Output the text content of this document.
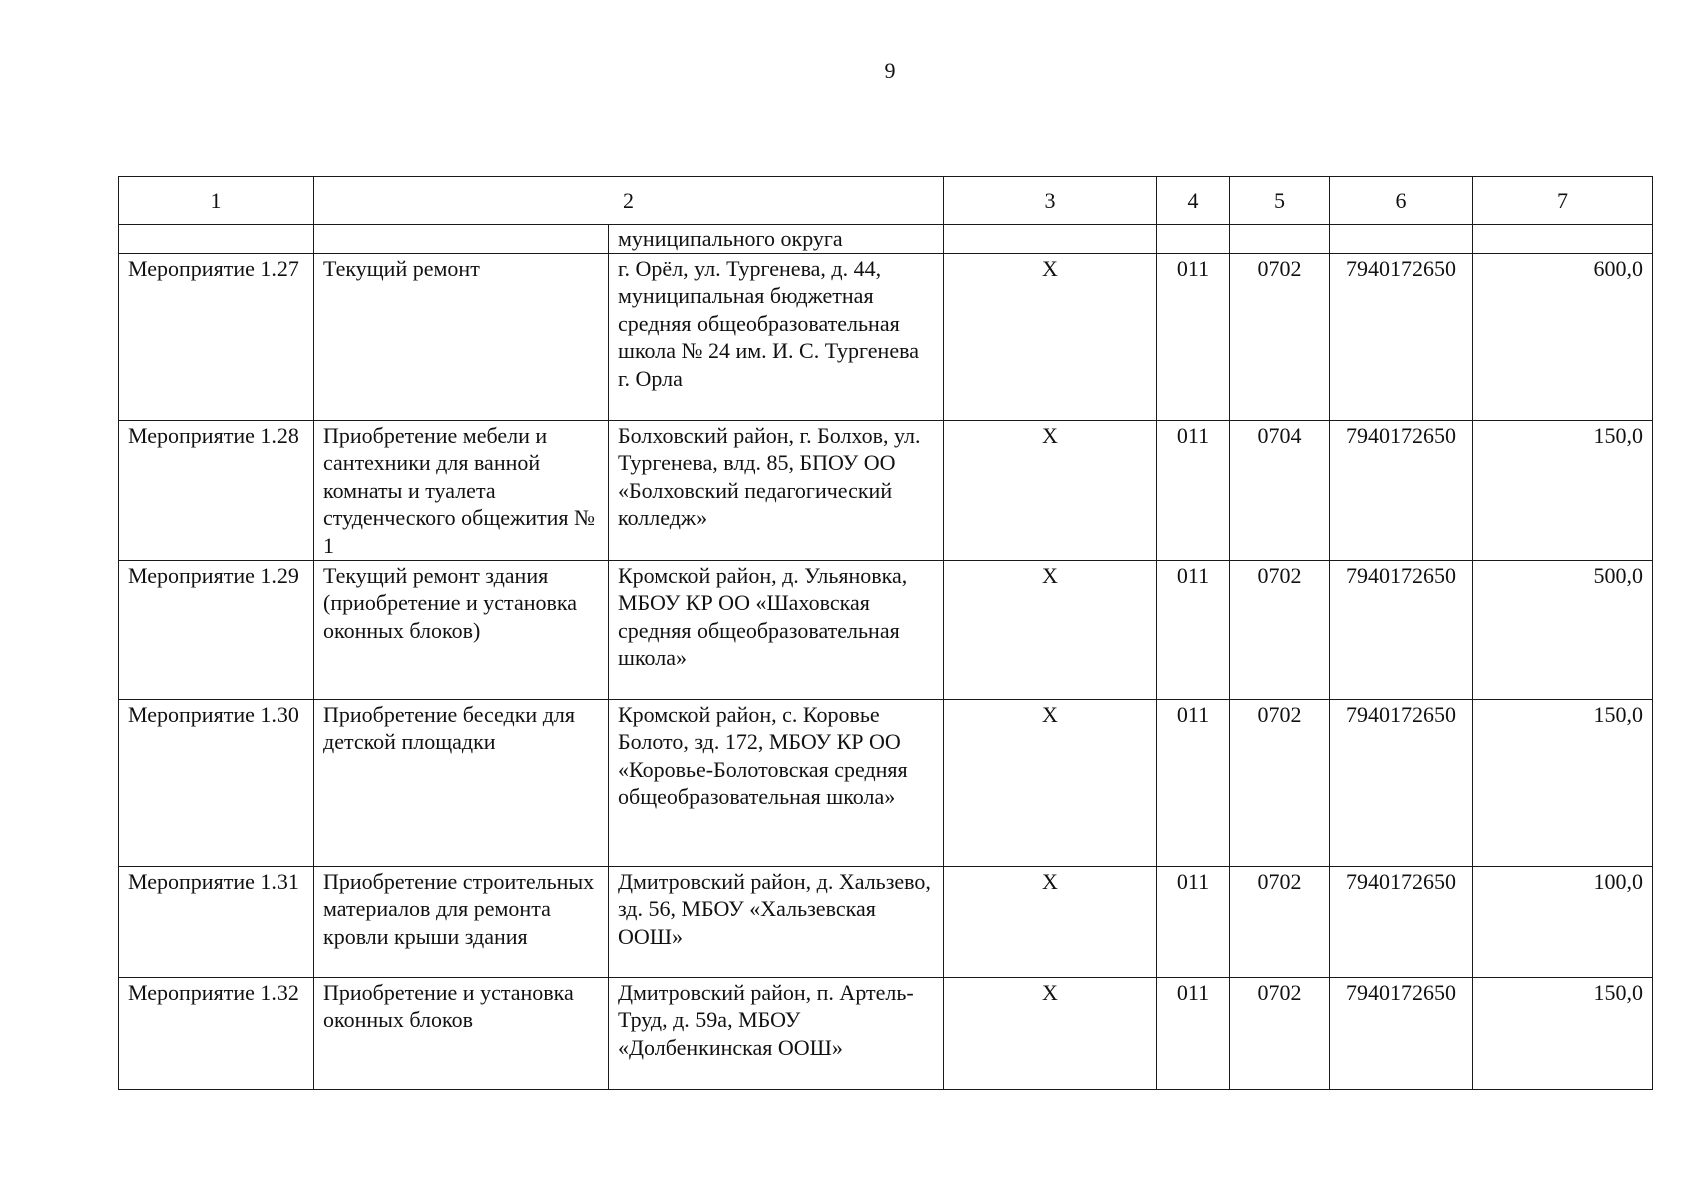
9
1	2		3	4	5	6	7
		муниципального округа					
Мероприятие 1.27	Текущий ремонт	г. Орёл, ул. Тургенева, д. 44, муниципальная бюджетная средняя общеобразовательная школа № 24 им. И. С. Тургенева г. Орла	X	011	0702	7940172650	600,0
Мероприятие 1.28	Приобретение мебели и сантехники для ванной комнаты и туалета студенческого общежития № 1	Болховский район, г. Болхов, ул. Тургенева, влд. 85, БПОУ ОО «Болховский педагогический колледж»	X	011	0704	7940172650	150,0
Мероприятие 1.29	Текущий ремонт здания (приобретение и установка оконных блоков)	Кромской район, д. Ульяновка, МБОУ КР ОО «Шаховская средняя общеобразовательная школа»	X	011	0702	7940172650	500,0
Мероприятие 1.30	Приобретение беседки для детской площадки	Кромской район, с. Коровье Болото, зд. 172, МБОУ КР ОО «Коровье-Болотовская средняя общеобразовательная школа»	X	011	0702	7940172650	150,0
Мероприятие 1.31	Приобретение строительных материалов для ремонта кровли крыши здания	Дмитровский район, д. Хальзево, зд. 56, МБОУ «Хальзевская ООШ»	X	011	0702	7940172650	100,0
Мероприятие 1.32	Приобретение и установка оконных блоков	Дмитровский район, п. Артель-Труд, д. 59а, МБОУ «Долбенкинская ООШ»	X	011	0702	7940172650	150,0
